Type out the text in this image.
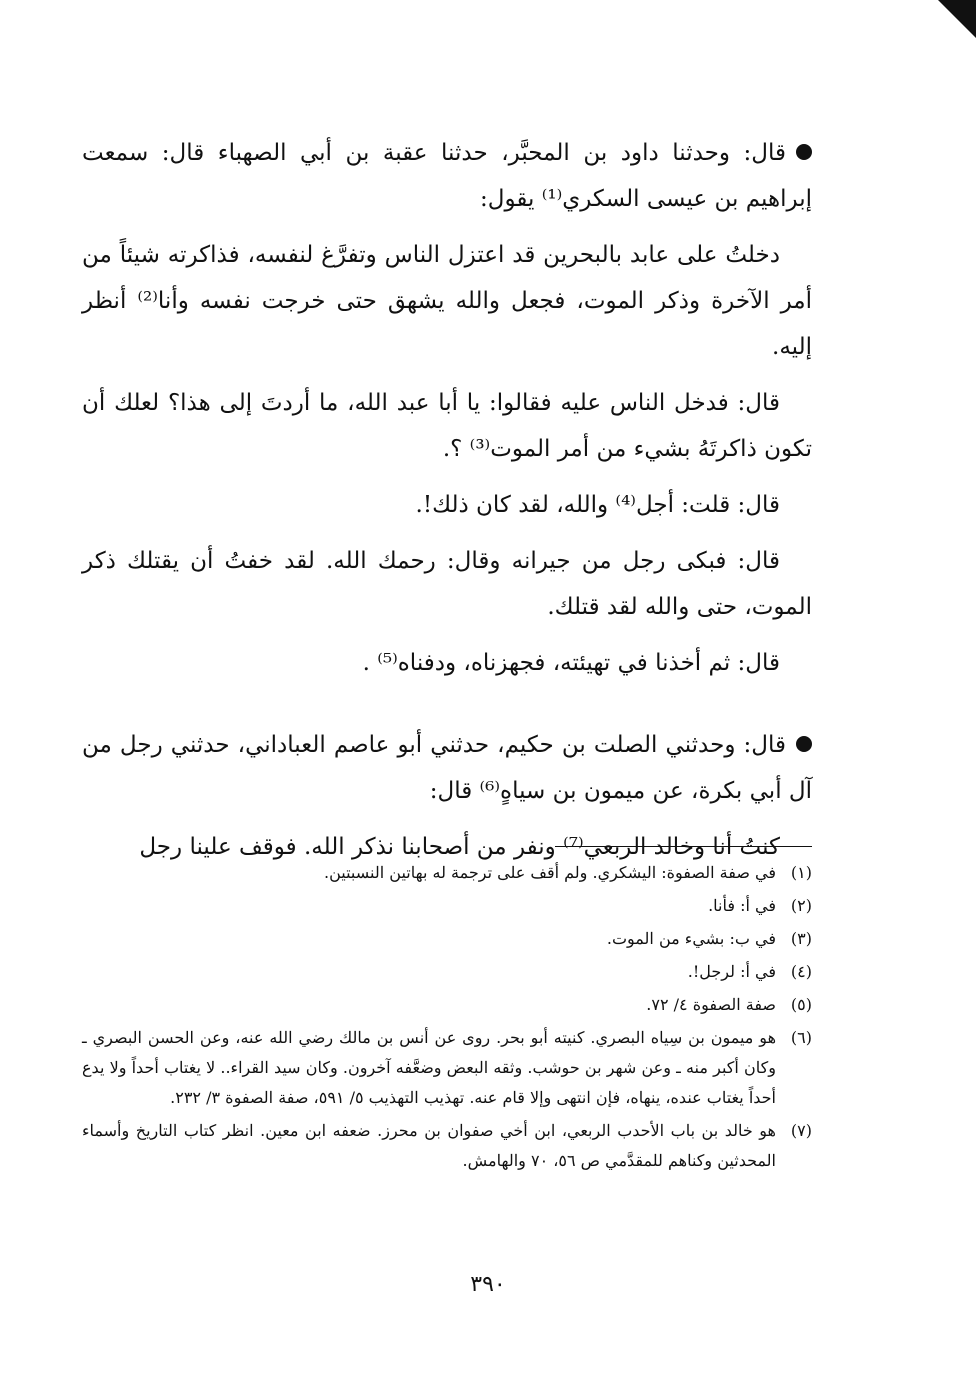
قال: وحدثنا داود بن المحبَّر، حدثنا عقبة بن أبي الصهباء قال: سمعت إبراهيم بن عيسى السكري⁽¹⁾ يقول:

دخلتُ على عابد بالبحرين قد اعتزل الناس وتفرَّغ لنفسه، فذاكرته شيئاً من أمر الآخرة وذكر الموت، فجعل والله يشهق حتى خرجت نفسه وأنا⁽²⁾ أنظر إليه.

قال: فدخل الناس عليه فقالوا: يا أبا عبد الله، ما أردتَ إلى هذا؟ لعلك أن تكون ذاكرتَهُ بشيء من أمر الموت⁽³⁾ ؟.

قال: قلت: أجل⁽⁴⁾ والله، لقد كان ذلك!.

قال: فبكى رجل من جيرانه وقال: رحمك الله. لقد خفتُ أن يقتلك ذكر الموت، حتى والله لقد قتلك.

قال: ثم أخذنا في تهيئته، فجهزناه، ودفناه⁽⁵⁾ .

قال: وحدثني الصلت بن حكيم، حدثني أبو عاصم العباداني، حدثني رجل من آل أبي بكرة، عن ميمون بن سياهٍ⁽⁶⁾ قال:

كنتُ أنا وخالد الربعي⁽⁷⁾ ونفر من أصحابنا نذكر الله. فوقف علينا رجل

(١)
في صفة الصفوة: اليشكري. ولم أقف على ترجمة له بهاتين النسبتين.
(٢)
في أ: فأنا.
(٣)
في ب: بشيء من الموت.
(٤)
في أ: لرجل!.
(٥)
صفة الصفوة ٤/ ٧٢.
(٦)
هو ميمون بن سِياه البصري. كنيته أبو بحر. روى عن أنس بن مالك رضي الله عنه، وعن الحسن البصري ـ وكان أكبر منه ـ وعن شهر بن حوشب. وثقه البعض وضعَّفه آخرون. وكان سيد القراء.. لا يغتاب أحداً ولا يدع أحداً يغتاب عنده، ينهاه، فإن انتهى وإلا قام عنه. تهذيب التهذيب ٥/ ٥٩١، صفة الصفوة ٣/ ٢٣٢.
(٧)
هو خالد بن باب الأحدب الربعي، ابن أخي صفوان بن محرز. ضعفه ابن معين. انظر كتاب التاريخ وأسماء المحدثين وكناهم للمقدَّمي ص ٥٦، ٧٠ والهامش.
٣٩٠
